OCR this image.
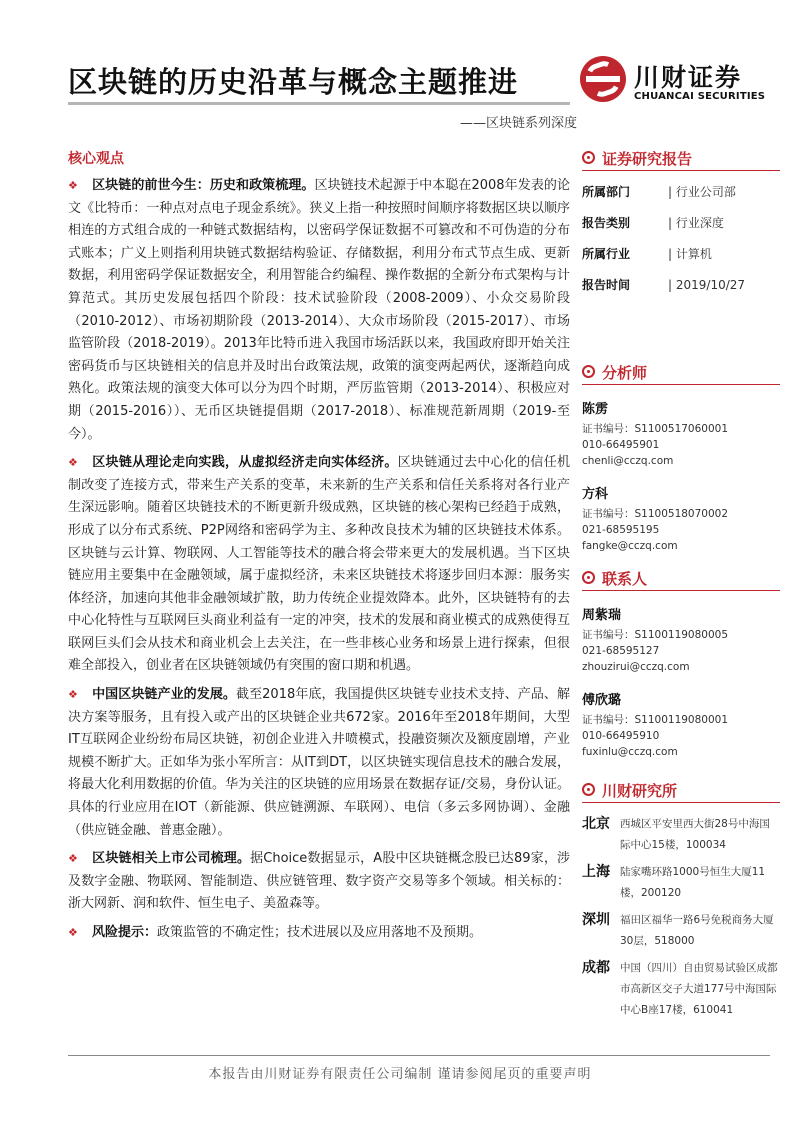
区块链的历史沿革与概念主题推进
——区块链系列深度
川财证券
CHUANCAI SECURITIES
核心观点

❖ 区块链的前世今生：历史和政策梳理。区块链技术起源于中本聪在2008年发表的论文《比特币：一种点对点电子现金系统》。狭义上指一种按照时间顺序将数据区块以顺序相连的方式组合成的一种链式数据结构，以密码学保证数据不可篡改和不可伪造的分布式账本；广义上则指利用块链式数据结构验证、存储数据，利用分布式节点生成、更新数据，利用密码学保证数据安全，利用智能合约编程、操作数据的全新分布式架构与计算范式。其历史发展包括四个阶段：技术试验阶段（2008-2009）、小众交易阶段（2010-2012）、市场初期阶段（2013-2014）、大众市场阶段（2015-2017）、市场监管阶段（2018-2019）。2013年比特币进入我国市场活跃以来，我国政府即开始关注密码货币与区块链相关的信息并及时出台政策法规，政策的演变两起两伏，逐渐趋向成熟化。政策法规的演变大体可以分为四个时期，严厉监管期（2013-2014）、积极应对期（2015-2016））、无币区块链提倡期（2017-2018）、标准规范新周期（2019-至今）。

❖ 区块链从理论走向实践，从虚拟经济走向实体经济。区块链通过去中心化的信任机制改变了连接方式，带来生产关系的变革，未来新的生产关系和信任关系将对各行业产生深远影响。随着区块链技术的不断更新升级成熟，区块链的核心架构已经趋于成熟，形成了以分布式系统、P2P网络和密码学为主、多种改良技术为辅的区块链技术体系。区块链与云计算、物联网、人工智能等技术的融合将会带来更大的发展机遇。当下区块链应用主要集中在金融领域，属于虚拟经济，未来区块链技术将逐步回归本源：服务实体经济，加速向其他非金融领域扩散，助力传统企业提效降本。此外，区块链特有的去中心化特性与互联网巨头商业利益有一定的冲突，技术的发展和商业模式的成熟使得互联网巨头们会从技术和商业机会上去关注，在一些非核心业务和场景上进行探索，但很难全部投入，创业者在区块链领域仍有突围的窗口期和机遇。

❖ 中国区块链产业的发展。截至2018年底，我国提供区块链专业技术支持、产品、解决方案等服务，且有投入或产出的区块链企业共672家。2016年至2018年期间，大型IT互联网企业纷纷布局区块链，初创企业进入井喷模式，投融资频次及额度剧增，产业规模不断扩大。正如华为张小军所言：从IT到DT，以区块链实现信息技术的融合发展，将最大化利用数据的价值。华为关注的区块链的应用场景在数据存证/交易，身份认证。具体的行业应用在IOT（新能源、供应链溯源、车联网）、电信（多云多网协调）、金融（供应链金融、普惠金融）。

❖ 区块链相关上市公司梳理。据Choice数据显示，A股中区块链概念股已达89家，涉及数字金融、物联网、智能制造、供应链管理、数字资产交易等多个领域。相关标的：浙大网新、润和软件、恒生电子、美盈森等。

❖ 风险提示：政策监管的不确定性；技术进展以及应用落地不及预期。

证券研究报告
所属部门	| 行业公司部
报告类别	| 行业深度
所属行业	| 计算机
报告时间	| 2019/10/27
分析师
陈雳
证书编号：S1100517060001
010-66495901
chenli@cczq.com
方科
证书编号：S1100518070002
021-68595195
fangke@cczq.com
联系人
周紫瑞
证书编号：S1100119080005
021-68595127
zhouzirui@cczq.com
傅欣璐
证书编号：S1100119080001
010-66495910
fuxinlu@cczq.com
川财研究所
北京 西城区平安里西大街28号中海国际中心15楼，100034
上海 陆家嘴环路1000号恒生大厦11楼，200120
深圳 福田区福华一路6号免税商务大厦30层，518000
成都 中国（四川）自由贸易试验区成都市高新区交子大道177号中海国际中心B座17楼，610041
本报告由川财证券有限责任公司编制 谨请参阅尾页的重要声明
